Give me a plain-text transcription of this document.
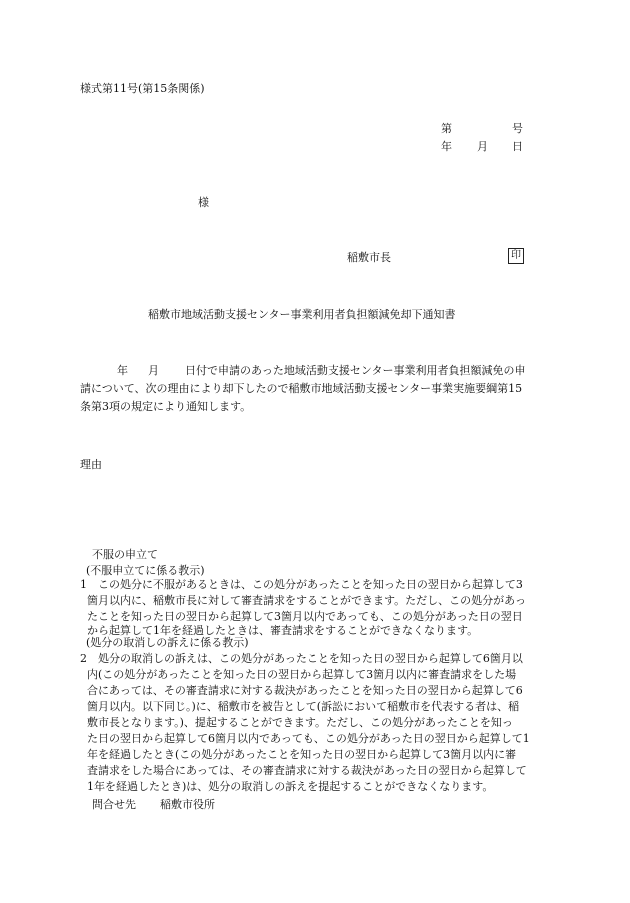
様式第11号(第15条関係)
第	号
年 月 日
様
稲敷市長	印
稲敷市地域活動支援センター事業利用者負担額減免却下通知書
年 月 日付で申請のあった地域活動支援センター事業利用者負担額減免の申
請について、次の理由により却下したので稲敷市地域活動支援センター事業実施要綱第15
条第3項の規定により通知します。
理由
不服の申立て
(不服申立てに係る教示)
1　この処分に不服があるときは、この処分があったことを知った日の翌日から起算して3
箇月以内に、稲敷市長に対して審査請求をすることができます。ただし、この処分があっ
たことを知った日の翌日から起算して3箇月以内であっても、この処分があった日の翌日
から起算して1年を経過したときは、審査請求をすることができなくなります。
(処分の取消しの訴えに係る教示)
2　処分の取消しの訴えは、この処分があったことを知った日の翌日から起算して6箇月以
内(この処分があったことを知った日の翌日から起算して3箇月以内に審査請求をした場
合にあっては、その審査請求に対する裁決があったことを知った日の翌日から起算して6
箇月以内。以下同じ。)に、稲敷市を被告として(訴訟において稲敷市を代表する者は、稲
敷市長となります。)、提起することができます。ただし、この処分があったことを知っ
た日の翌日から起算して6箇月以内であっても、この処分があった日の翌日から起算して1
年を経過したとき(この処分があったことを知った日の翌日から起算して3箇月以内に審
査請求をした場合にあっては、その審査請求に対する裁決があった日の翌日から起算して
1年を経過したとき)は、処分の取消しの訴えを提起することができなくなります。
問合せ先 稲敷市役所
